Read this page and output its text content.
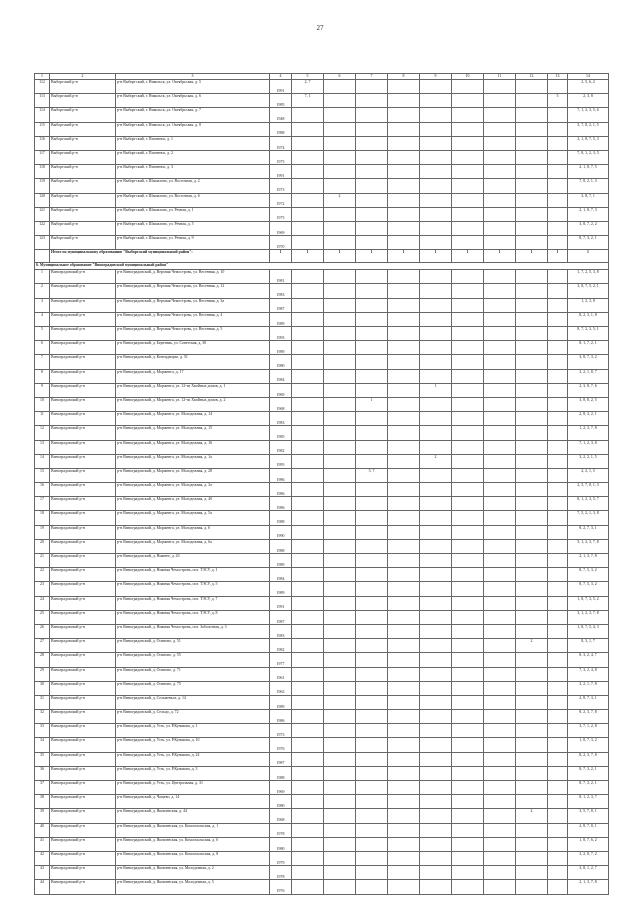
27
1	2	3	4	5	6	7	8	9	10	11	12	13	14
112	Выборгский р-н	р-н Выборгский, г. Никольск, ул. Октябрьская, д. 5	1991	2, 7									2, 5, 6, 2
113	Выборгский р-н	р-н Выборгский, г. Никольск, ул. Октябрьская, д. 6	1985	7, 1								5	2, 3, 8
114	Выборгский р-н	р-н Выборгский, г. Никольск, ул. Октябрьская, д. 7	1948										7, 1, 2, 3, 5, 6
115	Выборгский р-н	р-н Выборгский, г. Никольск, ул. Октябрьская, д. 8	1988										3, 7, 8, 2, 1, 5
116	Выборгский р-н	р-н Выборгский, г. Пионенск, д. 1	1974										2, 1, 8, 7, 5, 3
117	Выборгский р-н	р-н Выборгский, г. Пионенск, д. 2	1975										7, 8, 1, 2, 3, 5
118	Выборгский р-н	р-н Выборгский, г. Пионенск, д. 3	1991										2, 1, 8, 7, 5
119	Выборгский р-н	р-н Выборгский, г. Шашалово, ул. Восточная, д. 2	1973										7, 8, 2, 1, 3
120	Выборгский р-н	р-н Выборгский, г. Шашалово, ул. Восточная, д. 6	1972		2								3, 8, 7, 1
121	Выборгский р-н	р-н Выборгский, г. Шашалово, ул. Речная, д. 1	1975										2, 1, 8, 7, 3
122	Выборгский р-н	р-н Выборгский, г. Шашалово, ул. Речная, д. 5	1969										3, 8, 7, 2, 2
123	Выборгский р-н	р-н Выборгский, г. Шашалово, ул. Речная, д. 9	1970										8, 7, 3, 2, 1
	Итого по муниципальному образованию "Выборгский муниципальный район":		1	1	1	1	1	1	1	1	1	1	1
6. Муниципальное образование "Виноградовский муниципальный район"													
1	Виноградовский р-н	р-н Виноградовский, д. Верхняя Чемостровь, ул. Весенняя, д. 10	1981										1, 7, 2, 5, 3, 8
2	Виноградовский р-н	р-н Виноградовский, д. Верхняя Чемостровь, ул. Весенняя, д. 12	1983										3, 8, 7, 5, 2, 1
3	Виноградовский р-н	р-н Виноградовский, д. Верхняя Чемостровь, ул. Весенняя, д. 3а	1987										1, 2, 3, 8
4	Виноградовский р-н	р-н Виноградовский, д. Верхняя Чемостровь, ул. Весенняя, д. 4	1989										8, 2, 3, 1, 8
5	Виноградовский р-н	р-н Виноградовский, д. Верхняя Чемостровь, ул. Весенняя, д. 5	1993										8, 7, 2, 3, 5, 1
6	Виноградовский р-н	р-н Виноградовский, д. Березник, ул. Советская, д. 30	1989										8, 1, 7, 2, 1
7	Виноградовский р-н	р-н Виноградовский, д. Конецдворье, д. 51	1980										3, 8, 7, 3, 2
8	Виноградовский р-н	р-н Виноградовский, д. Морженга, д. 17	1984										3, 2, 1, 8, 7
9	Виноградовский р-н	р-н Виноградовский, д. Морженга, ул. 12-ти Хвойных домов, д. 1	1969					1					2, 3, 8, 7, 6
10	Виноградовский р-н	р-н Виноградовский, д. Морженга, ул. 12-ти Хвойных домов, д. 2	1968			1							3, 8, 8, 2, 5
11	Виноградовский р-н	р-н Виноградовский, д. Морженга, ул. Молодежная, д. 14	1983										2, 8, 3, 2, 1
12	Виноградовский р-н	р-н Виноградовский, д. Морженга, ул. Молодежная, д. 15	1985										1, 2, 3, 7, 8
13	Виноградовский р-н	р-н Виноградовский, д. Морженга, ул. Молодежная, д. 16	1982										7, 1, 2, 3, 8
14	Виноградовский р-н	р-н Виноградовский, д. Морженга, ул. Молодежная, д. 1а	1995					2					3, 2, 2, 1, 5
15	Виноградовский р-н	р-н Виноградовский, д. Морженга, ул. Молодежная, д. 28	1986			5, 7							2, 2, 1, 5
16	Виноградовский р-н	р-н Виноградовский, д. Морженга, ул. Молодежная, д. 3а	1986										2, 5, 7, 8, 1, 3
17	Виноградовский р-н	р-н Виноградовский, д. Морженга, ул. Молодежная, д. 4б	1986										8, 1, 2, 3, 5, 7
18	Виноградовский р-н	р-н Виноградовский, д. Морженга, ул. Молодежная, д. 5а	1988										7, 5, 2, 1, 3, 8
19	Виноградовский р-н	р-н Виноградовский, д. Морженга, ул. Молодежная, д. 6	1990										8, 2, 7, 3, 1
20	Виноградовский р-н	р-н Виноградовский, д. Морженга, ул. Молодежная, д. 6а	1988										5, 1, 2, 3, 7, 8
21	Виноградовский р-н	р-н Виноградовский, д. Нижнее, д. 43	1989										2, 1, 3, 7, 8
22	Виноградовский р-н	р-н Виноградовский, д. Нижняя Чемостровь, поз. ТЭСУ, д. 1	1984										8, 7, 5, 3, 2
23	Виноградовский р-н	р-н Виноградовский, д. Нижняя Чемостровь, поз. ТЭСУ, д. 5	1989										8, 7, 5, 3, 2
24	Виноградовский р-н	р-н Виноградовский, д. Нижняя Чемостровь, поз. ТЭСУ, д. 7	1991										1, 8, 7, 3, 5, 2
25	Виноградовский р-н	р-н Виноградовский, д. Нижняя Чемостровь, поз. ТЭСУ, д. 8	1987										3, 1, 2, 3, 7, 8
26	Виноградовский р-н	р-н Виноградовский, д. Нижняя Чемостровь, поз. Заболотная, д. 3	1983										1, 8, 7, 5, 4, 3
27	Виноградовский р-н	р-н Виноградовский, д. Осиново, д. 51	1982								2		8, 3, 1, 7
28	Виноградовский р-н	р-н Виноградовский, д. Осиново, д. 55	1977										8, 3, 2, 4, 7
29	Виноградовский р-н	р-н Виноградовский, д. Осиново, д. 71	1961										7, 3, 2, 4, 8
30	Виноградовский р-н	р-н Виноградовский, д. Осиново, д. 75	1963										3, 2, 1, 7, 8
31	Виноградовский р-н	р-н Виноградовский, д. Сельменьга, д. 14	1989										2, 8, 7, 3, 1
32	Виноградовский р-н	р-н Виноградовский, д. Сельцо, д. 72	1986										8, 2, 3, 7, 8
33	Виноградовский р-н	р-н Виноградовский, д. Усть, ул. Р.Куликова, д. 1	1973										3, 7, 1, 2, 8
34	Виноградовский р-н	р-н Виноградовский, д. Усть, ул. Р.Куликова, д. 10	1976										1, 8, 7, 3, 2
35	Виноградовский р-н	р-н Виноградовский, д. Усть, ул. Р.Куликова, д. 24	1987										8, 2, 3, 7, 8
36	Виноградовский р-н	р-н Виноградовский, д. Усть, ул. Р.Куликова, д. 3	1988										8, 7, 3, 2, 1
37	Виноградовский р-н	р-н Виноградовский, д. Усть, ул. Центральная, д. 31	1969										8, 7, 3, 2, 1
38	Виноградовский р-н	р-н Виноградовский, д. Чащево, д. 14	1980										8, 1, 2, 3, 7
39	Виноградовский р-н	р-н Виноградовский, д. Яковлевская, д. 44	1968								2		3, 5, 7, 8, 1
40	Виноградовский р-н	р-н Виноградовский, д. Яковлевская, ул. Комсомольская, д. 1	1978										2, 8, 7, 8, 1
41	Виноградовский р-н	р-н Виноградовский, д. Яковлевская, ул. Комсомольская, д. 6	1980										1, 8, 7, 6, 2
42	Виноградовский р-н	р-н Виноградовский, д. Яковлевская, ул. Комсомольская, д. 8	1979										3, 2, 8, 7, 2
43	Виноградовский р-н	р-н Виноградовский, д. Яковлевская, ул. Молодежная, д. 2	1978										3, 8, 1, 2, 7
44	Виноградовский р-н	р-н Виноградовский, д. Яковлевская, ул. Молодежная, д. 5	1976										2, 1, 3, 7, 8
